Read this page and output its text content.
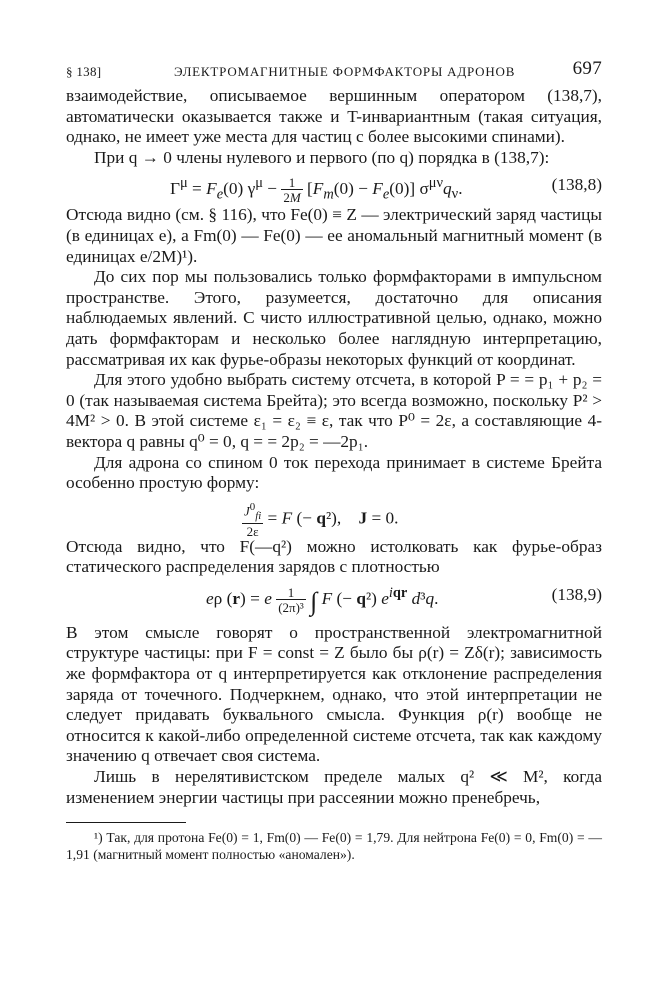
§ 138]	ЭЛЕКТРОМАГНИТНЫЕ ФОРМФАКТОРЫ АДРОНОВ	697

взаимодействие, описываемое вершинным оператором (138,7), автоматически оказывается также и T-инвариантным (такая ситуация, однако, не имеет уже места для частиц с более высокими спинами).

При q → 0 члены нулевого и первого (по q) порядка в (138,7):

$\Gamma^\mu = F_e(0) \gamma^\mu - \frac{1}{2M} [F_m(0) - F_e(0)]$ $\sigma^{\mu\nu}q_\nu$.	(138,8)

Отсюда видно (см. § 116), что Fe(0) ≡ Z — электрический заряд частицы (в единицах e), а Fm(0) — Fe(0) — ее аномальный магнитный момент (в единицах e/2M)¹).

До сих пор мы пользовались только формфакторами в импульсном пространстве. Этого, разумеется, достаточно для описания наблюдаемых явлений. С чисто иллюстративной целью, однако, можно дать формфакторам и несколько более наглядную интерпретацию, рассматривая их как фурье-образы некоторых функций от координат.

Для этого удобно выбрать систему отсчета, в которой P = = p₁ + p₂ = 0 (так называемая система Брейта); это всегда возможно, поскольку P² > 4M² > 0. В этой системе ε₁ = ε₂ ≡ ε, так что P⁰ = 2ε, а составляющие 4-вектора q равны q⁰ = 0, q = = 2p₂ = —2p₁.

Для адрона со спином 0 ток перехода принимает в системе Брейта особенно простую форму:

$\frac{J^0_{fi}}{2\varepsilon} = F$ (− q²),    J = 0.

Отсюда видно, что F(—q²) можно истолковать как фурье-образ статического распределения зарядов с плотностью

eρ (r) = e $\frac{1}{\text{(2π)³}}$ ∫ F (− q²) $e^{iqr}$ d³q.	(138,9)

В этом смысле говорят о пространственной электромагнитной структуре частицы: при F = const = Z было бы ρ(r) = Zδ(r); зависимость же формфактора от q интерпретируется как отклонение распределения заряда от точечного. Подчеркнем, однако, что этой интерпретации не следует придавать буквального смысла. Функция ρ(r) вообще не относится к какой-либо определенной системе отсчета, так как каждому значению q отвечает своя система.

Лишь в нерелятивистском пределе малых q² ≪ M², когда изменением энергии частицы при рассеянии можно пренебречь,

¹) Так, для протона Fe(0) = 1, Fm(0) — Fe(0) = 1,79. Для нейтрона Fe(0) = 0, Fm(0) = —1,91 (магнитный момент полностью «аномален»).
